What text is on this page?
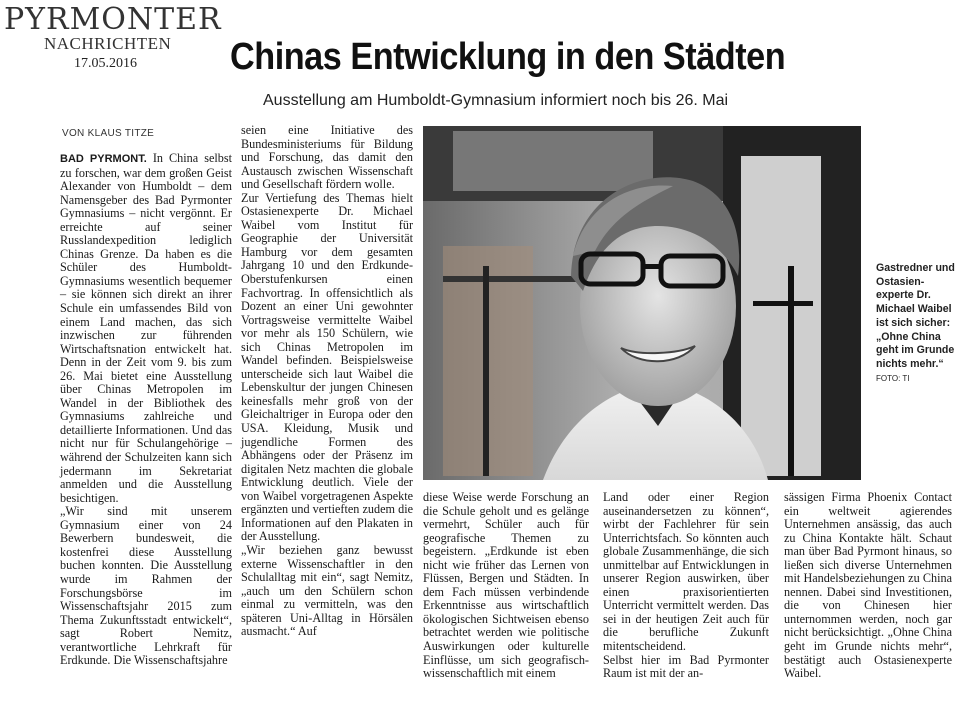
PYRMONTER
NACHRICHTEN
17.05.2016 Chinas Entwicklung in den Städten
Ausstellung am Humboldt-Gymnasium informiert noch bis 26. Mai
VON KLAUS TITZE
BAD PYRMONT. In China selbst zu forschen, war dem großen Geist Alexander von Humboldt – dem Namensgeber des Bad Pyrmonter Gymnasiums – nicht vergönnt. Er erreichte auf seiner Russlandexpedition lediglich Chinas Grenze. Da haben es die Schüler des Humboldt-Gymnasiums wesentlich bequemer – sie können sich direkt an ihrer Schule ein umfassendes Bild von einem Land machen, das sich inzwischen zur führenden Wirtschaftsnation entwickelt hat. Denn in der Zeit vom 9. bis zum 26. Mai bietet eine Ausstellung über Chinas Metropolen im Wandel in der Bibliothek des Gymnasiums zahlreiche und detaillierte Informationen. Und das nicht nur für Schulangehörige – während der Schulzeiten kann sich jedermann im Sekretariat anmelden und die Ausstellung besichtigen.
„Wir sind mit unserem Gymnasium einer von 24 Bewerbern bundesweit, die kostenfrei diese Ausstellung buchen konnten. Die Ausstellung wurde im Rahmen der Forschungsbörse im Wissenschaftsjahr 2015 zum Thema Zukunftsstadt entwickelt“, sagt Robert Nemitz, verantwortliche Lehrkraft für Erdkunde. Die Wissenschaftsjahre
seien eine Initiative des Bundesministeriums für Bildung und Forschung, das damit den Austausch zwischen Wissenschaft und Gesellschaft fördern wolle.
Zur Vertiefung des Themas hielt Ostasienexperte Dr. Michael Waibel vom Institut für Geographie der Universität Hamburg vor dem gesamten Jahrgang 10 und den Erdkunde-Oberstufenkursen einen Fachvortrag. In offensichtlich als Dozent an einer Uni gewohnter Vortragsweise vermittelte Waibel vor mehr als 150 Schülern, wie sich Chinas Metropolen im Wandel befinden. Beispielsweise unterscheide sich laut Waibel die Lebenskultur der jungen Chinesen keinesfalls mehr groß von der Gleichaltriger in Europa oder den USA. Kleidung, Musik und jugendliche Formen des Abhängens oder der Präsenz im digitalen Netz machten die globale Entwicklung deutlich. Viele der von Waibel vorgetragenen Aspekte ergänzten und vertieften zudem die Informationen auf den Plakaten in der Ausstellung.
„Wir beziehen ganz bewusst externe Wissenschaftler in den Schulalltag mit ein“, sagt Nemitz, „auch um den Schülern schon einmal zu vermitteln, was den späteren Uni-Alltag in Hörsälen ausmacht.“ Auf
diese Weise werde Forschung an die Schule geholt und es gelänge vermehrt, Schüler auch für geografische Themen zu begeistern. „Erdkunde ist eben nicht wie früher das Lernen von Flüssen, Bergen und Städten. In dem Fach müssen verbindende Erkenntnisse aus wirtschaftlich ökologischen Sichtweisen ebenso betrachtet werden wie politische Auswirkungen oder kulturelle Einflüsse, um sich geografisch-wissenschaftlich mit einem
Land oder einer Region auseinandersetzen zu können“, wirbt der Fachlehrer für sein Unterrichtsfach. So könnten auch globale Zusammenhänge, die sich unmittelbar auf Entwicklungen in unserer Region auswirken, über einen praxisorientierten Unterricht vermittelt werden. Das sei in der heutigen Zeit auch für die berufliche Zukunft mitentscheidend.
Selbst hier im Bad Pyrmonter Raum ist mit der an-
sässigen Firma Phoenix Contact ein weltweit agierendes Unternehmen ansässig, das auch zu China Kontakte hält. Schaut man über Bad Pyrmont hinaus, so ließen sich diverse Unternehmen mit Handelsbeziehungen zu China nennen. Dabei sind Investitionen, die von Chinesen hier unternommen werden, noch gar nicht berücksichtigt. „Ohne China geht im Grunde nichts mehr“, bestätigt auch Ostasienexperte Waibel.
Gastredner und Ostasien-experte Dr. Michael Waibel ist sich sicher: „Ohne China geht im Grunde nichts mehr.“ FOTO: TI
